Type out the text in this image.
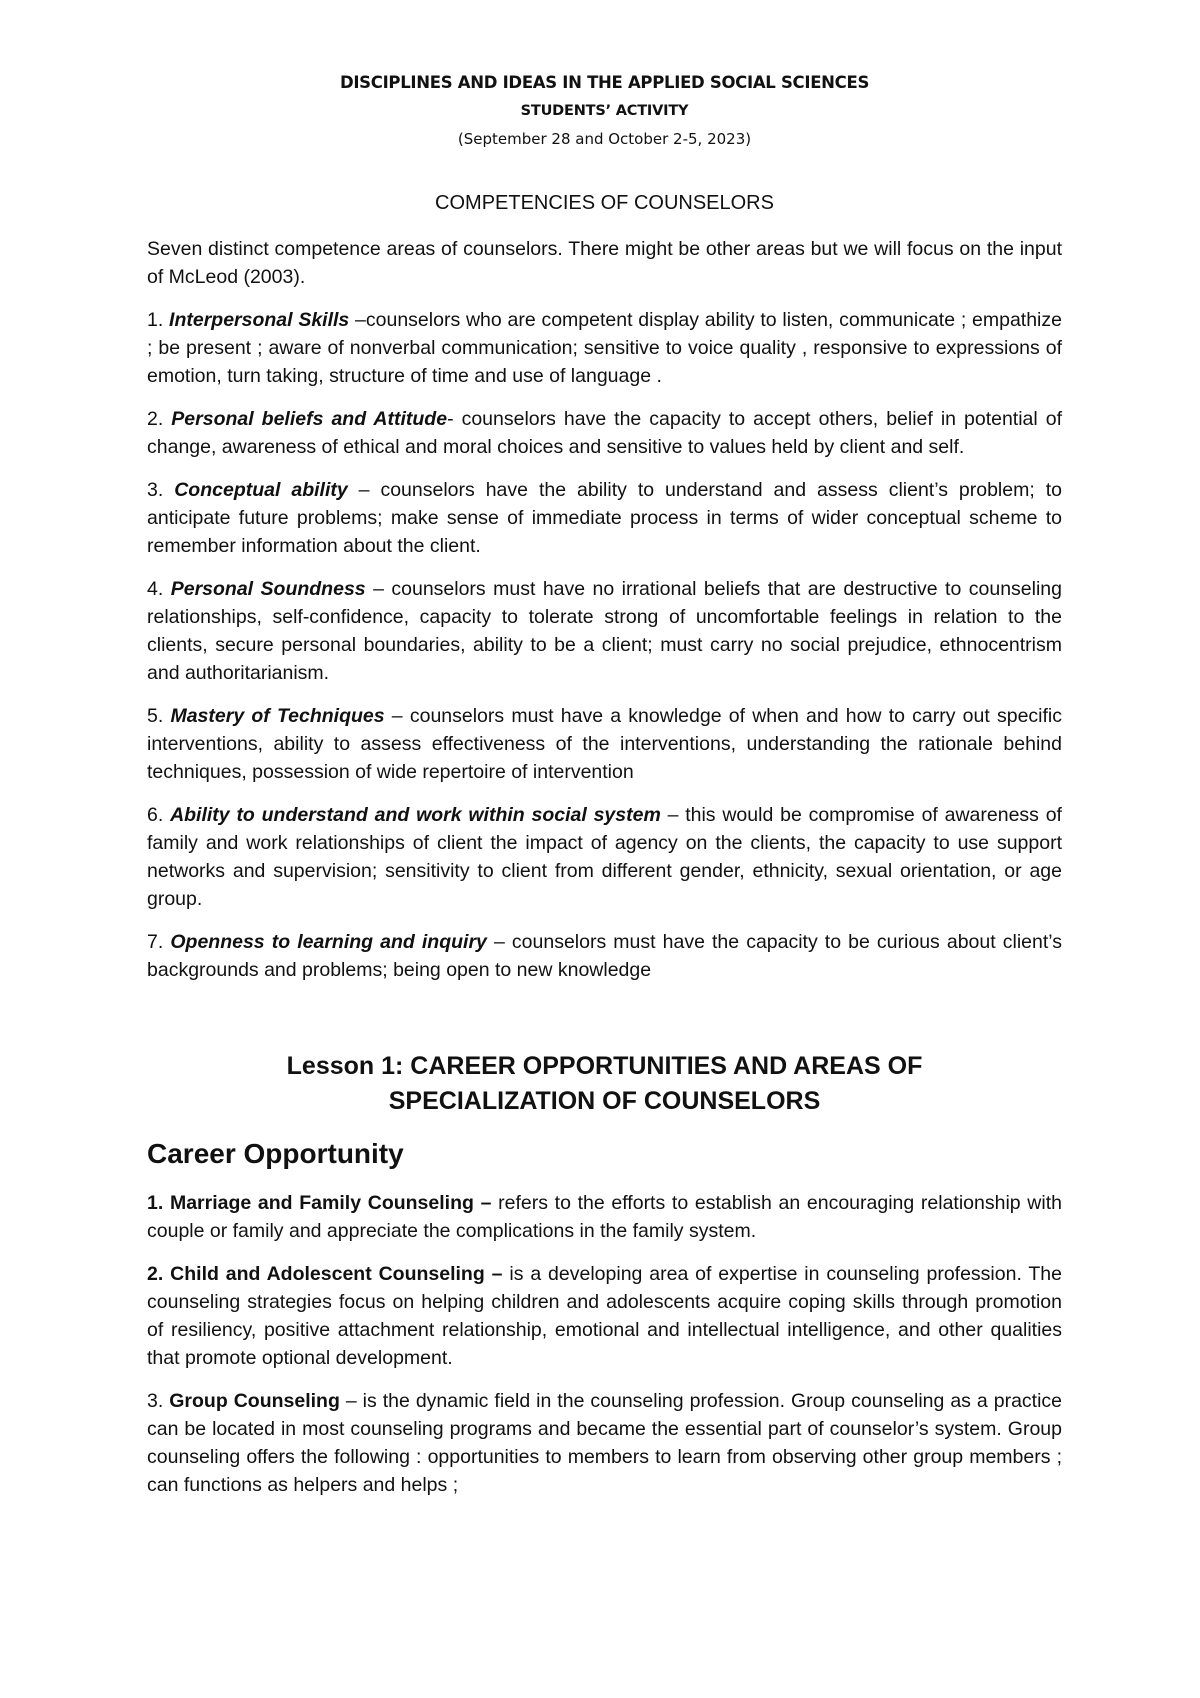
DISCIPLINES AND IDEAS IN THE APPLIED SOCIAL SCIENCES
STUDENTS’ ACTIVITY
(September 28 and October 2-5, 2023)
COMPETENCIES OF COUNSELORS

Seven distinct competence areas of counselors. There might be other areas but we will focus on the input of McLeod (2003).

1. Interpersonal Skills –counselors who are competent display ability to listen, communicate ; empathize ; be present ; aware of nonverbal communication; sensitive to voice quality , responsive to expressions of emotion, turn taking, structure of time and use of language .

2. Personal beliefs and Attitude- counselors have the capacity to accept others, belief in potential of change, awareness of ethical and moral choices and sensitive to values held by client and self.

3. Conceptual ability – counselors have the ability to understand and assess client’s problem; to anticipate future problems; make sense of immediate process in terms of wider conceptual scheme to remember information about the client.

4. Personal Soundness – counselors must have no irrational beliefs that are destructive to counseling relationships, self-confidence, capacity to tolerate strong of uncomfortable feelings in relation to the clients, secure personal boundaries, ability to be a client; must carry no social prejudice, ethnocentrism and authoritarianism.

5. Mastery of Techniques – counselors must have a knowledge of when and how to carry out specific interventions, ability to assess effectiveness of the interventions, understanding the rationale behind techniques, possession of wide repertoire of intervention

6. Ability to understand and work within social system – this would be compromise of awareness of family and work relationships of client the impact of agency on the clients, the capacity to use support networks and supervision; sensitivity to client from different gender, ethnicity, sexual orientation, or age group.

7. Openness to learning and inquiry – counselors must have the capacity to be curious about client’s backgrounds and problems; being open to new knowledge

Lesson 1: CAREER OPPORTUNITIES AND AREAS OF
SPECIALIZATION OF COUNSELORS
Career Opportunity

1. Marriage and Family Counseling – refers to the efforts to establish an encouraging relationship with couple or family and appreciate the complications in the family system.

2. Child and Adolescent Counseling – is a developing area of expertise in counseling profession. The counseling strategies focus on helping children and adolescents acquire coping skills through promotion of resiliency, positive attachment relationship, emotional and intellectual intelligence, and other qualities that promote optional development.

3. Group Counseling – is the dynamic field in the counseling profession. Group counseling as a practice can be located in most counseling programs and became the essential part of counselor’s system. Group counseling offers the following : opportunities to members to learn from observing other group members ; can functions as helpers and helps ;
